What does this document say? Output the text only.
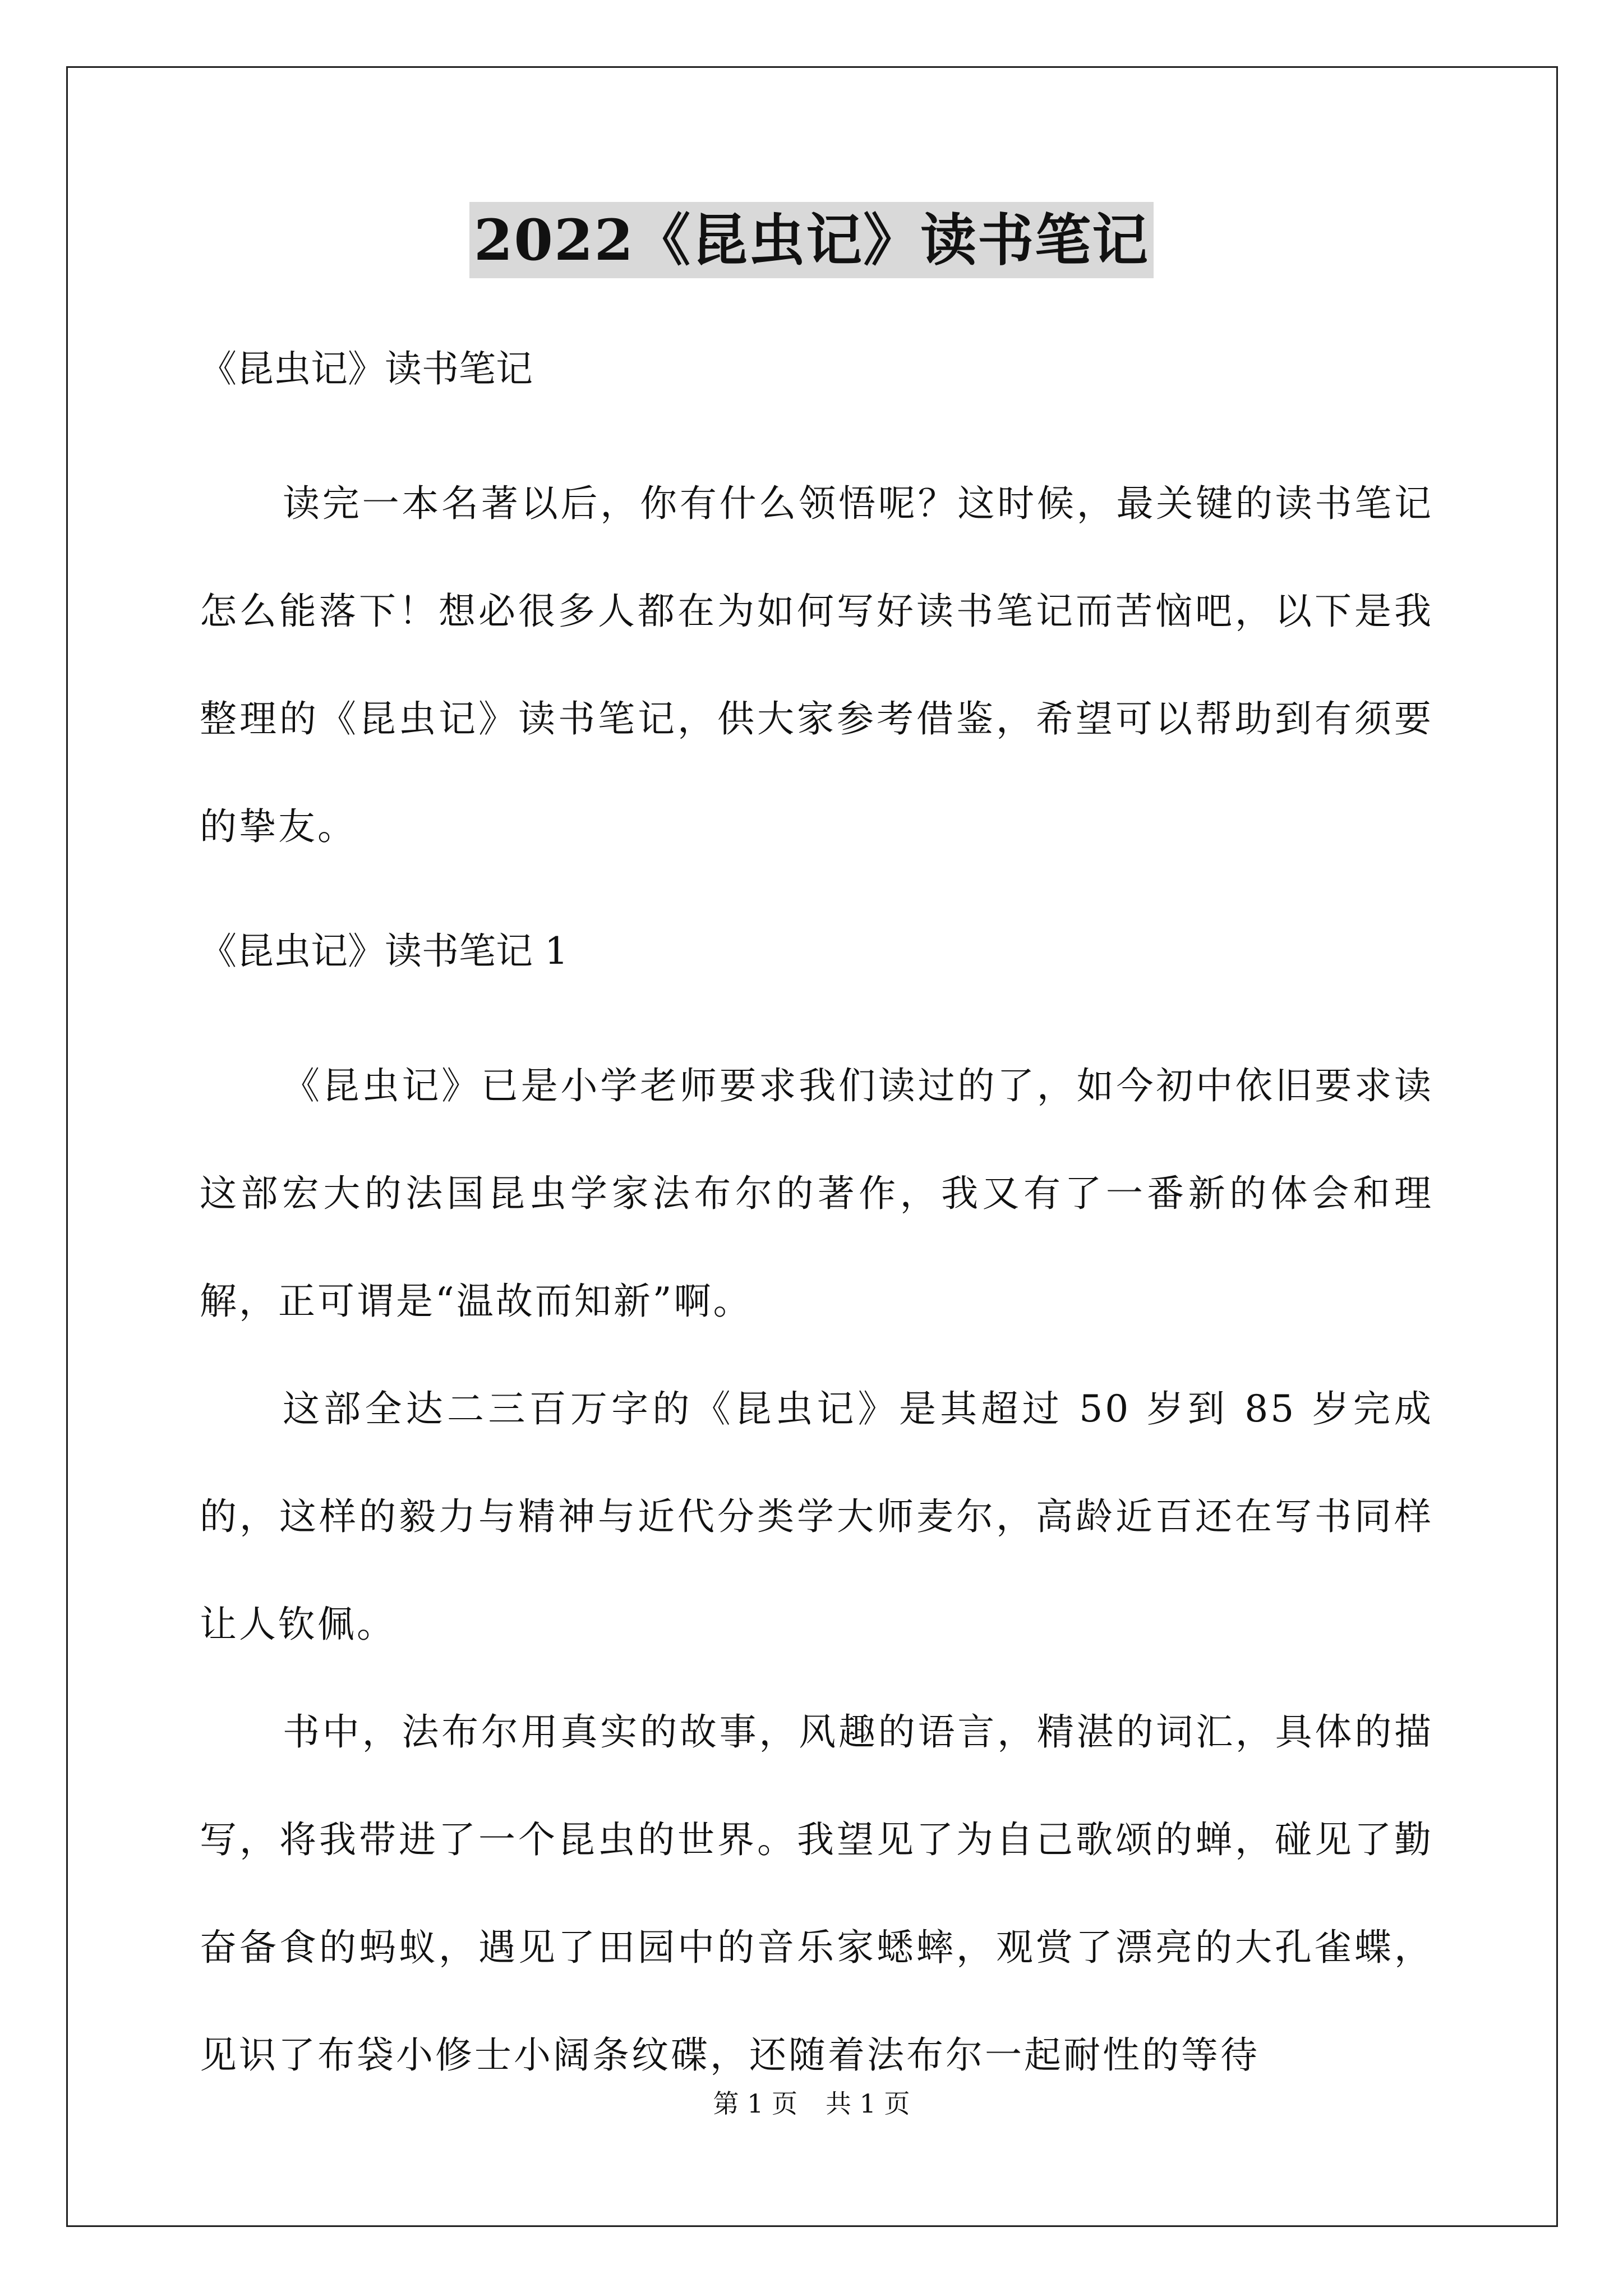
2022《昆虫记》读书笔记

《昆虫记》读书笔记

读完一本名著以后，你有什么领悟呢？这时候，最关键的读书笔记怎么能落下！想必很多人都在为如何写好读书笔记而苦恼吧，以下是我整理的《昆虫记》读书笔记，供大家参考借鉴，希望可以帮助到有须要的挚友。

《昆虫记》读书笔记 1

《昆虫记》已是小学老师要求我们读过的了，如今初中依旧要求读这部宏大的法国昆虫学家法布尔的著作，我又有了一番新的体会和理解，正可谓是“温故而知新”啊。

这部全达二三百万字的《昆虫记》是其超过 50 岁到 85 岁完成的，这样的毅力与精神与近代分类学大师麦尔，高龄近百还在写书同样让人钦佩。

书中，法布尔用真实的故事，风趣的语言，精湛的词汇，具体的描写，将我带进了一个昆虫的世界。我望见了为自己歌颂的蝉，碰见了勤奋备食的蚂蚁，遇见了田园中的音乐家蟋蟀，观赏了漂亮的大孔雀蝶，见识了布袋小修士小阔条纹碟，还随着法布尔一起耐性的等待

第 1 页 共 1 页
